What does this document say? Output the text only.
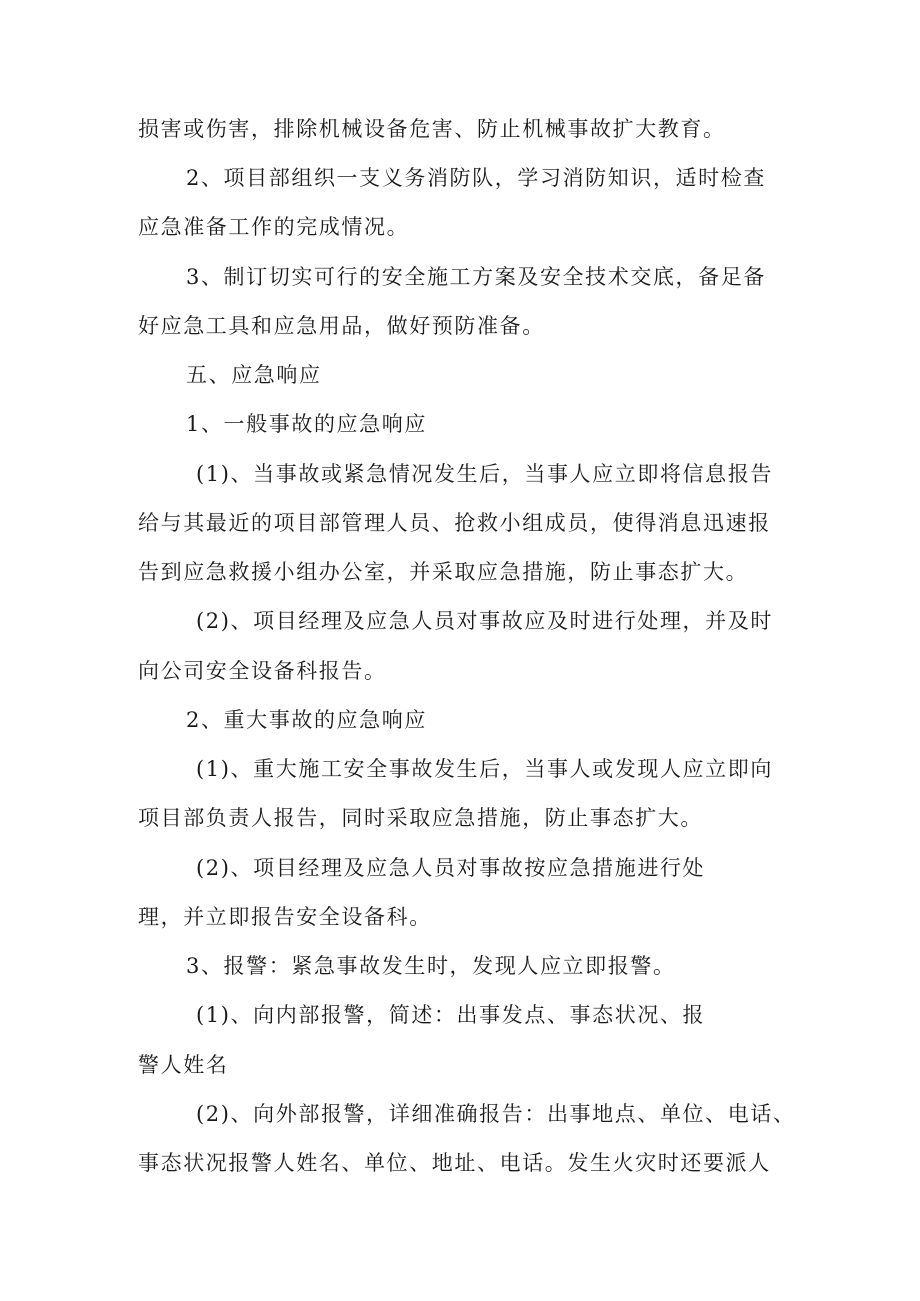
损害或伤害，排除机械设备危害、防止机械事故扩大教育。
2、项目部组织一支义务消防队，学习消防知识，适时检查
应急准备工作的完成情况。
3、制订切实可行的安全施工方案及安全技术交底，备足备
好应急工具和应急用品，做好预防准备。
五、应急响应
1、一般事故的应急响应
(1)、当事故或紧急情况发生后，当事人应立即将信息报告
给与其最近的项目部管理人员、抢救小组成员，使得消息迅速报
告到应急救援小组办公室，并采取应急措施，防止事态扩大。
(2)、项目经理及应急人员对事故应及时进行处理，并及时
向公司安全设备科报告。
2、重大事故的应急响应
(1)、重大施工安全事故发生后，当事人或发现人应立即向
项目部负责人报告，同时采取应急措施，防止事态扩大。
(2)、项目经理及应急人员对事故按应急措施进行处
理，并立即报告安全设备科。
3、报警：紧急事故发生时，发现人应立即报警。
(1)、向内部报警，简述：出事发点、事态状况、报
警人姓名
(2)、向外部报警，详细准确报告：出事地点、单位、电话、
事态状况报警人姓名、单位、地址、电话。发生火灾时还要派人
